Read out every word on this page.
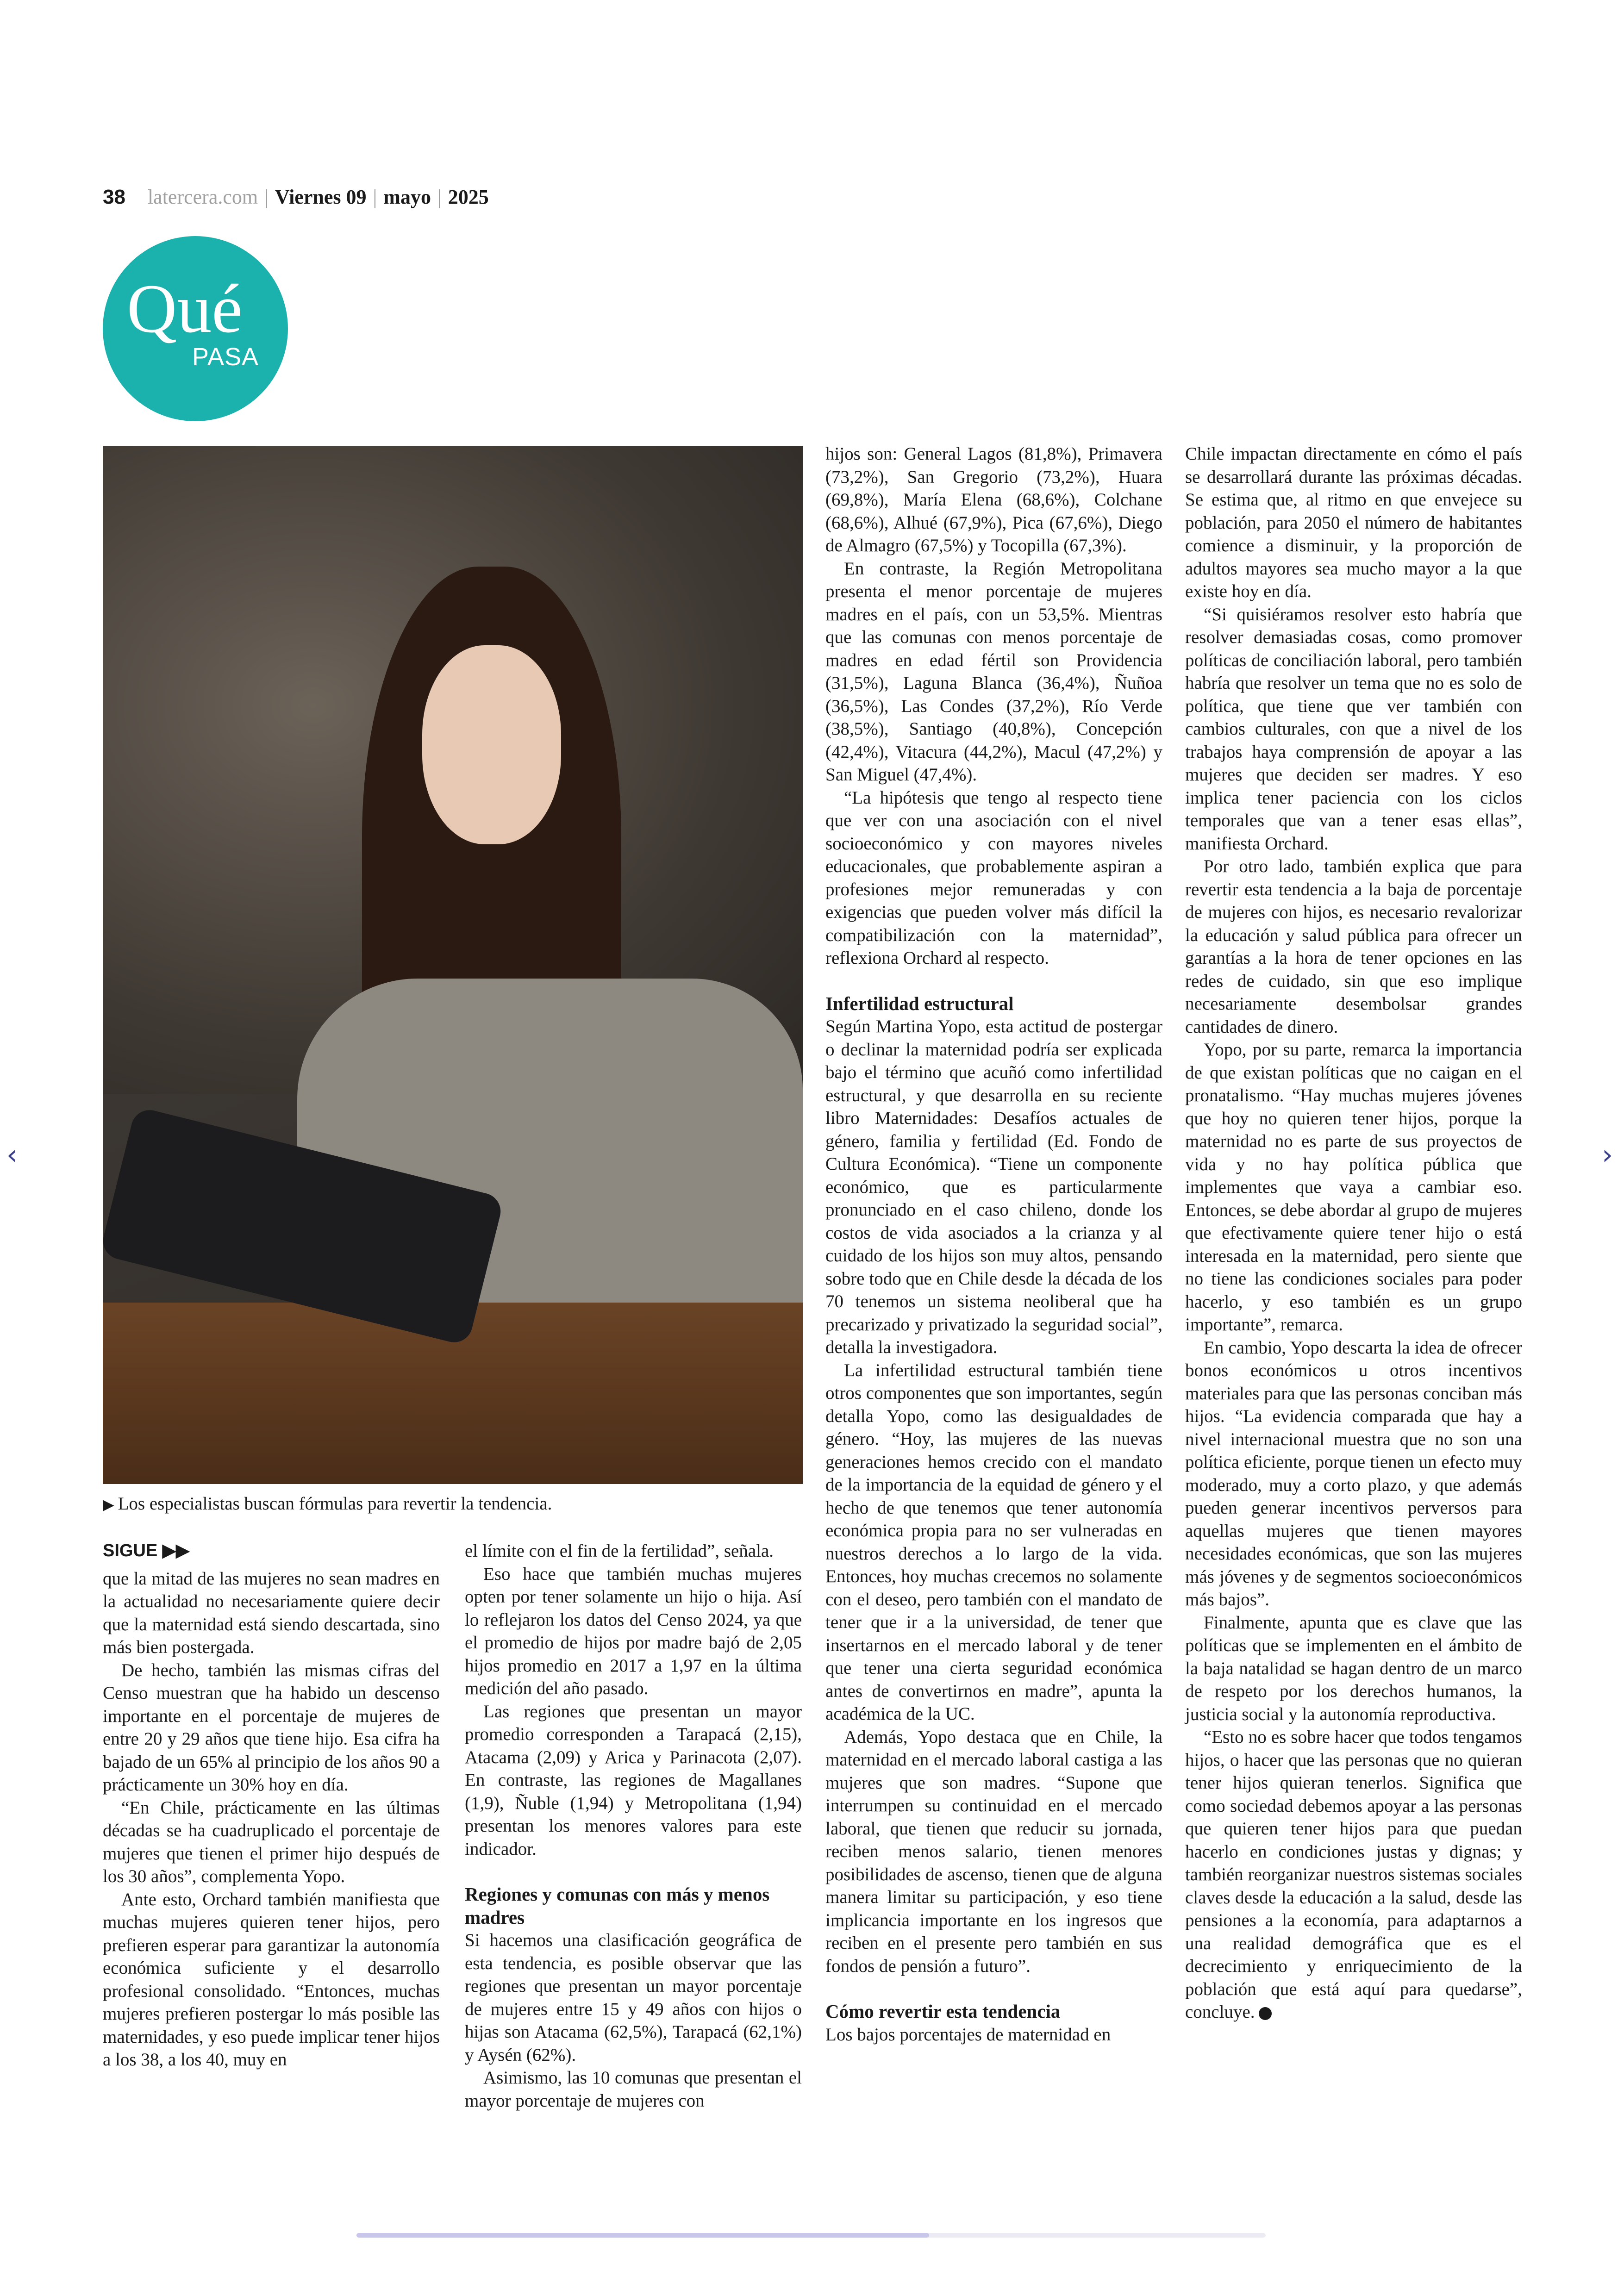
38 latercera.com | Viernes 09 | mayo | 2025
Qué
PASA
▶ Los especialistas buscan fórmulas para revertir la tendencia.
SIGUE ▶▶

que la mitad de las mujeres no sean madres en la actualidad no necesariamente quiere decir que la maternidad está siendo descartada, sino más bien postergada.

De hecho, también las mismas cifras del Censo muestran que ha habido un descenso importante en el porcentaje de mujeres de entre 20 y 29 años que tiene hijo. Esa cifra ha bajado de un 65% al principio de los años 90 a prácticamente un 30% hoy en día.

“En Chile, prácticamente en las últimas décadas se ha cuadruplicado el porcentaje de mujeres que tienen el primer hijo después de los 30 años”, complementa Yopo.

Ante esto, Orchard también manifiesta que muchas mujeres quieren tener hijos, pero prefieren esperar para garantizar la autonomía económica suficiente y el desarrollo profesional consolidado. “Entonces, muchas mujeres prefieren postergar lo más posible las maternidades, y eso puede implicar tener hijos a los 38, a los 40, muy en

el límite con el fin de la fertilidad”, señala.

Eso hace que también muchas mujeres opten por tener solamente un hijo o hija. Así lo reflejaron los datos del Censo 2024, ya que el promedio de hijos por madre bajó de 2,05 hijos promedio en 2017 a 1,97 en la última medición del año pasado.

Las regiones que presentan un mayor promedio corresponden a Tarapacá (2,15), Atacama (2,09) y Arica y Parinacota (2,07). En contraste, las regiones de Magallanes (1,9), Ñuble (1,94) y Metropolitana (1,94) presentan los menores valores para este indicador.

Regiones y comunas con más y menos madres

Si hacemos una clasificación geográfica de esta tendencia, es posible observar que las regiones que presentan un mayor porcentaje de mujeres entre 15 y 49 años con hijos o hijas son Atacama (62,5%), Tarapacá (62,1%) y Aysén (62%).

Asimismo, las 10 comunas que presentan el mayor porcentaje de mujeres con

hijos son: General Lagos (81,8%), Primavera (73,2%), San Gregorio (73,2%), Huara (69,8%), María Elena (68,6%), Colchane (68,6%), Alhué (67,9%), Pica (67,6%), Diego de Almagro (67,5%) y Tocopilla (67,3%).

En contraste, la Región Metropolitana presenta el menor porcentaje de mujeres madres en el país, con un 53,5%. Mientras que las comunas con menos porcentaje de madres en edad fértil son Providencia (31,5%), Laguna Blanca (36,4%), Ñuñoa (36,5%), Las Condes (37,2%), Río Verde (38,5%), Santiago (40,8%), Concepción (42,4%), Vitacura (44,2%), Macul (47,2%) y San Miguel (47,4%).

“La hipótesis que tengo al respecto tiene que ver con una asociación con el nivel socioeconómico y con mayores niveles educacionales, que probablemente aspiran a profesiones mejor remuneradas y con exigencias que pueden volver más difícil la compatibilización con la maternidad”, reflexiona Orchard al respecto.

Infertilidad estructural

Según Martina Yopo, esta actitud de postergar o declinar la maternidad podría ser explicada bajo el término que acuñó como infertilidad estructural, y que desarrolla en su reciente libro Maternidades: Desafíos actuales de género, familia y fertilidad (Ed. Fondo de Cultura Económica). “Tiene un componente económico, que es particularmente pronunciado en el caso chileno, donde los costos de vida asociados a la crianza y al cuidado de los hijos son muy altos, pensando sobre todo que en Chile desde la década de los 70 tenemos un sistema neoliberal que ha precarizado y privatizado la seguridad social”, detalla la investigadora.

La infertilidad estructural también tiene otros componentes que son importantes, según detalla Yopo, como las desigualdades de género. “Hoy, las mujeres de las nuevas generaciones hemos crecido con el mandato de la importancia de la equidad de género y el hecho de que tenemos que tener autonomía económica propia para no ser vulneradas en nuestros derechos a lo largo de la vida. Entonces, hoy muchas crecemos no solamente con el deseo, pero también con el mandato de tener que ir a la universidad, de tener que insertarnos en el mercado laboral y de tener que tener una cierta seguridad económica antes de convertirnos en madre”, apunta la académica de la UC.

Además, Yopo destaca que en Chile, la maternidad en el mercado laboral castiga a las mujeres que son madres. “Supone que interrumpen su continuidad en el mercado laboral, que tienen que reducir su jornada, reciben menos salario, tienen menores posibilidades de ascenso, tienen que de alguna manera limitar su participación, y eso tiene implicancia importante en los ingresos que reciben en el presente pero también en sus fondos de pensión a futuro”.

Cómo revertir esta tendencia

Los bajos porcentajes de maternidad en

Chile impactan directamente en cómo el país se desarrollará durante las próximas décadas. Se estima que, al ritmo en que envejece su población, para 2050 el número de habitantes comience a disminuir, y la proporción de adultos mayores sea mucho mayor a la que existe hoy en día.

“Si quisiéramos resolver esto habría que resolver demasiadas cosas, como promover políticas de conciliación laboral, pero también habría que resolver un tema que no es solo de política, que tiene que ver también con cambios culturales, con que a nivel de los trabajos haya comprensión de apoyar a las mujeres que deciden ser madres. Y eso implica tener paciencia con los ciclos temporales que van a tener esas ellas”, manifiesta Orchard.

Por otro lado, también explica que para revertir esta tendencia a la baja de porcentaje de mujeres con hijos, es necesario revalorizar la educación y salud pública para ofrecer un garantías a la hora de tener opciones en las redes de cuidado, sin que eso implique necesariamente desembolsar grandes cantidades de dinero.

Yopo, por su parte, remarca la importancia de que existan políticas que no caigan en el pronatalismo. “Hay muchas mujeres jóvenes que hoy no quieren tener hijos, porque la maternidad no es parte de sus proyectos de vida y no hay política pública que implementes que vaya a cambiar eso. Entonces, se debe abordar al grupo de mujeres que efectivamente quiere tener hijo o está interesada en la maternidad, pero siente que no tiene las condiciones sociales para poder hacerlo, y eso también es un grupo importante”, remarca.

En cambio, Yopo descarta la idea de ofrecer bonos económicos u otros incentivos materiales para que las personas conciban más hijos. “La evidencia comparada que hay a nivel internacional muestra que no son una política eficiente, porque tienen un efecto muy moderado, muy a corto plazo, y que además pueden generar incentivos perversos para aquellas mujeres que tienen mayores necesidades económicas, que son las mujeres más jóvenes y de segmentos socioeconómicos más bajos”.

Finalmente, apunta que es clave que las políticas que se implementen en el ámbito de la baja natalidad se hagan dentro de un marco de respeto por los derechos humanos, la justicia social y la autonomía reproductiva.

“Esto no es sobre hacer que todos tengamos hijos, o hacer que las personas que no quieran tener hijos quieran tenerlos. Significa que como sociedad debemos apoyar a las personas que quieren tener hijos para que puedan hacerlo en condiciones justas y dignas; y también reorganizar nuestros sistemas sociales claves desde la educación a la salud, desde las pensiones a la economía, para adaptarnos a una realidad demográfica que es el decrecimiento y enriquecimiento de la población que está aquí para quedarse”, concluye.

‹	›
